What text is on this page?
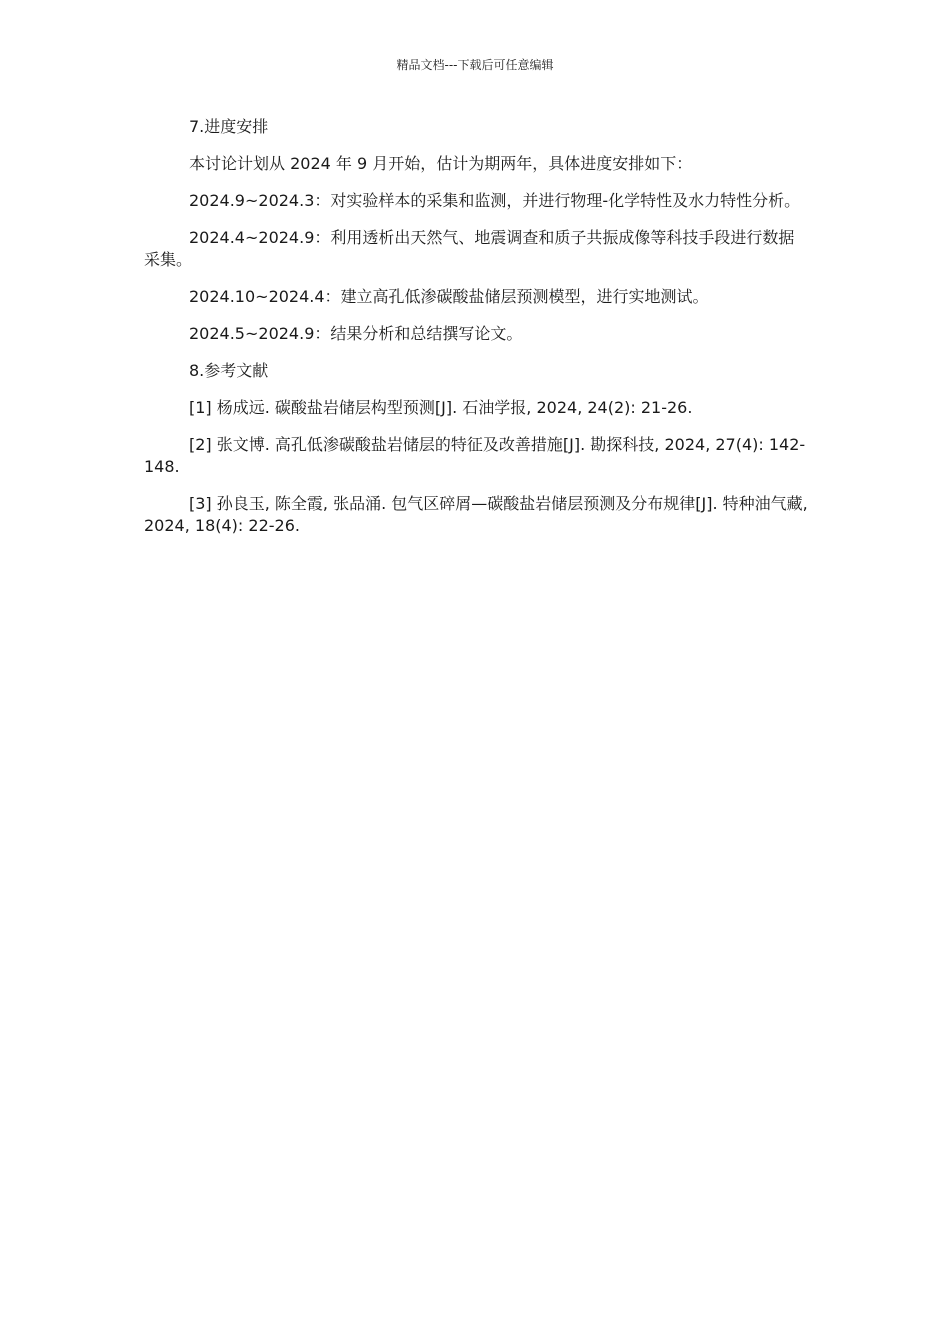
精品文档---下载后可任意编辑

7.进度安排

本讨论计划从 2024 年 9 月开始，估计为期两年，具体进度安排如下：

2024.9~2024.3：对实验样本的采集和监测，并进行物理-化学特性及水力特性分析。

2024.4~2024.9：利用透析出天然气、地震调查和质子共振成像等科技手段进行数据采集。

2024.10~2024.4：建立高孔低渗碳酸盐储层预测模型，进行实地测试。

2024.5~2024.9：结果分析和总结撰写论文。

8.参考文献

[1] 杨成远. 碳酸盐岩储层构型预测[J]. 石油学报, 2024, 24(2): 21-26.

[2] 张文博. 高孔低渗碳酸盐岩储层的特征及改善措施[J]. 勘探科技, 2024, 27(4): 142-148.

[3] 孙良玉, 陈全霞, 张品涌. 包气区碎屑—碳酸盐岩储层预测及分布规律[J]. 特种油气藏, 2024, 18(4): 22-26.
